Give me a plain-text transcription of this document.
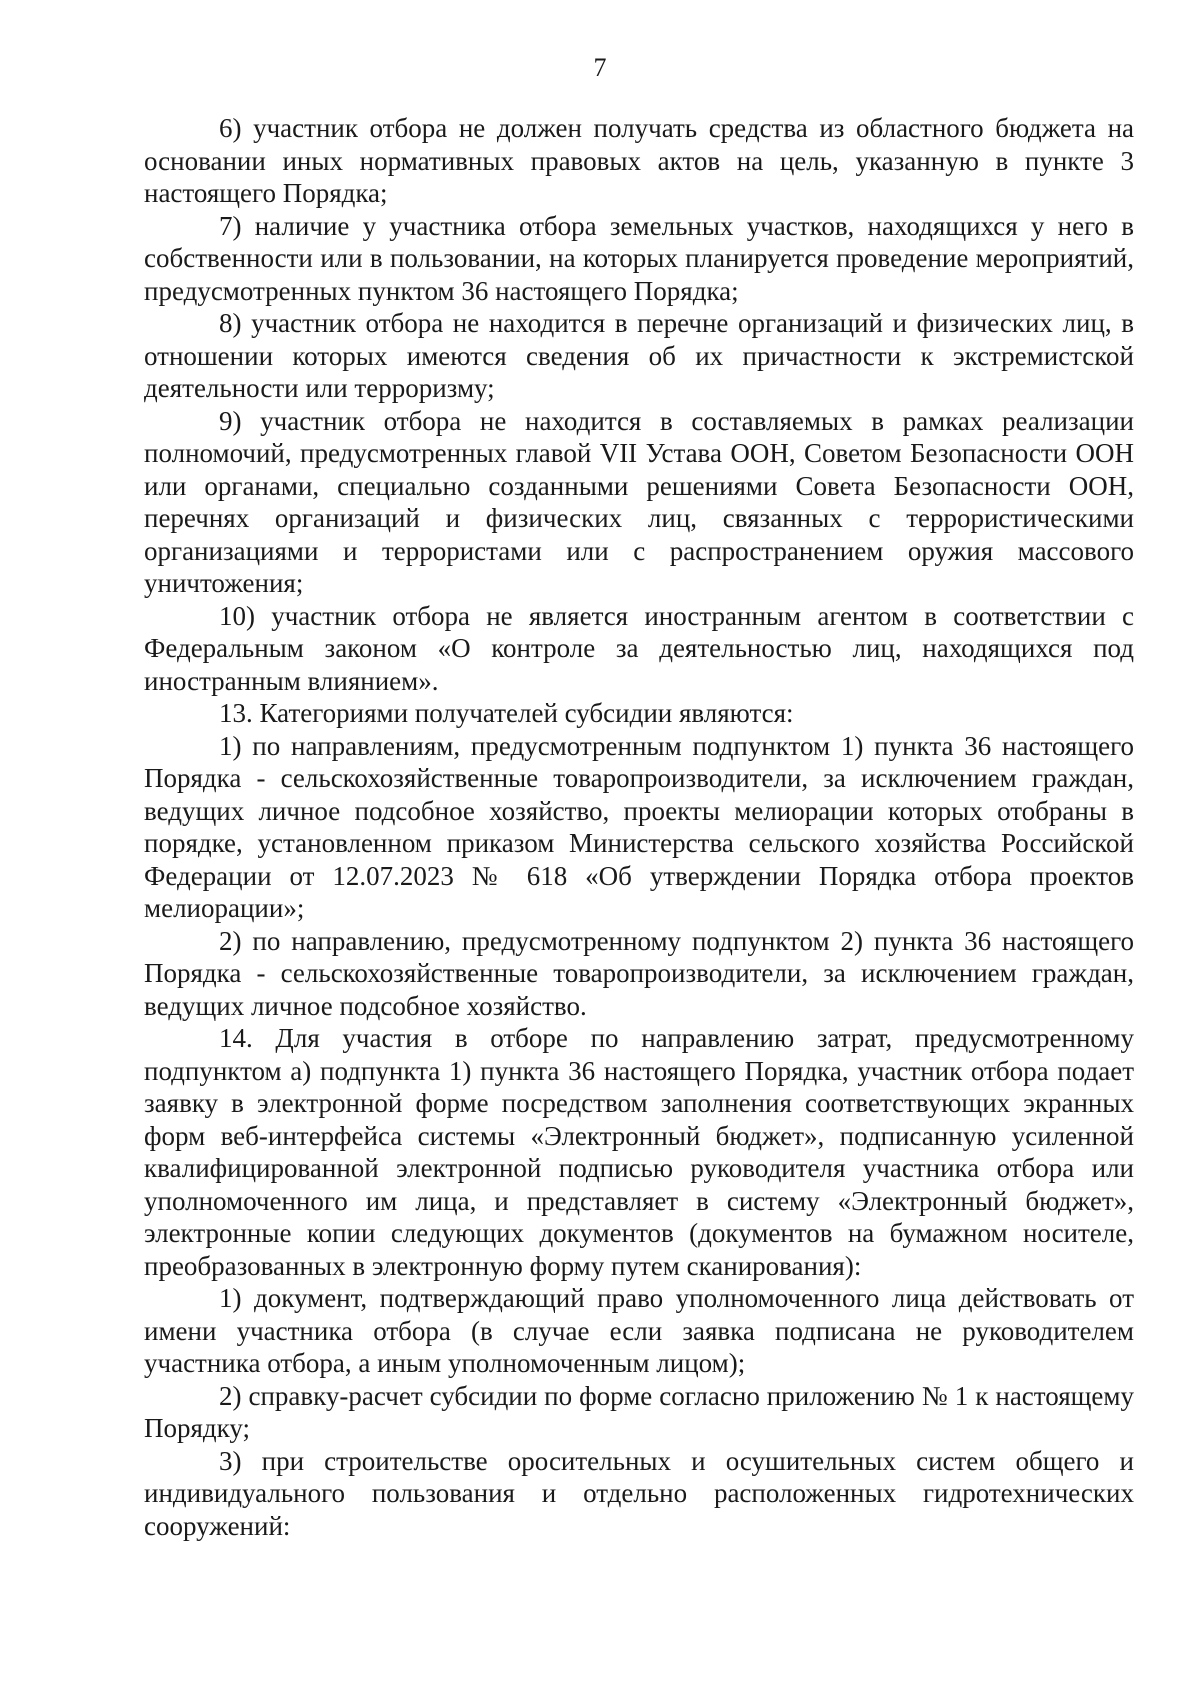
7

6) участник отбора не должен получать средства из областного бюджета на основании иных нормативных правовых актов на цель, указанную в пункте 3 настоящего Порядка;

7) наличие у участника отбора земельных участков, находящихся у него в собственности или в пользовании, на которых планируется проведение мероприятий, предусмотренных пунктом 36 настоящего Порядка;

8) участник отбора не находится в перечне организаций и физических лиц, в отношении которых имеются сведения об их причастности к экстремистской деятельности или терроризму;

9) участник отбора не находится в составляемых в рамках реализации полномочий, предусмотренных главой VII Устава ООН, Советом Безопасности ООН или органами, специально созданными решениями Совета Безопасности ООН, перечнях организаций и физических лиц, связанных с террористическими организациями и террористами или с распространением оружия массового уничтожения;

10) участник отбора не является иностранным агентом в соответствии с Федеральным законом «О контроле за деятельностью лиц, находящихся под иностранным влиянием».

13. Категориями получателей субсидии являются:

1) по направлениям, предусмотренным подпунктом 1) пункта 36 настоящего Порядка - сельскохозяйственные товаропроизводители, за исключением граждан, ведущих личное подсобное хозяйство, проекты мелиорации которых отобраны в порядке, установленном приказом Министерства сельского хозяйства Российской Федерации от 12.07.2023 № 618 «Об утверждении Порядка отбора проектов мелиорации»;

2) по направлению, предусмотренному подпунктом 2) пункта 36 настоящего Порядка - сельскохозяйственные товаропроизводители, за исключением граждан, ведущих личное подсобное хозяйство.

14. Для участия в отборе по направлению затрат, предусмотренному подпунктом а) подпункта 1) пункта 36 настоящего Порядка, участник отбора подает заявку в электронной форме посредством заполнения соответствующих экранных форм веб-интерфейса системы «Электронный бюджет», подписанную усиленной квалифицированной электронной подписью руководителя участника отбора или уполномоченного им лица, и представляет в систему «Электронный бюджет», электронные копии следующих документов (документов на бумажном носителе, преобразованных в электронную форму путем сканирования):

1) документ, подтверждающий право уполномоченного лица действовать от имени участника отбора (в случае если заявка подписана не руководителем участника отбора, а иным уполномоченным лицом);

2) справку-расчет субсидии по форме согласно приложению № 1 к настоящему Порядку;

3) при строительстве оросительных и осушительных систем общего и индивидуального пользования и отдельно расположенных гидротехнических сооружений:
